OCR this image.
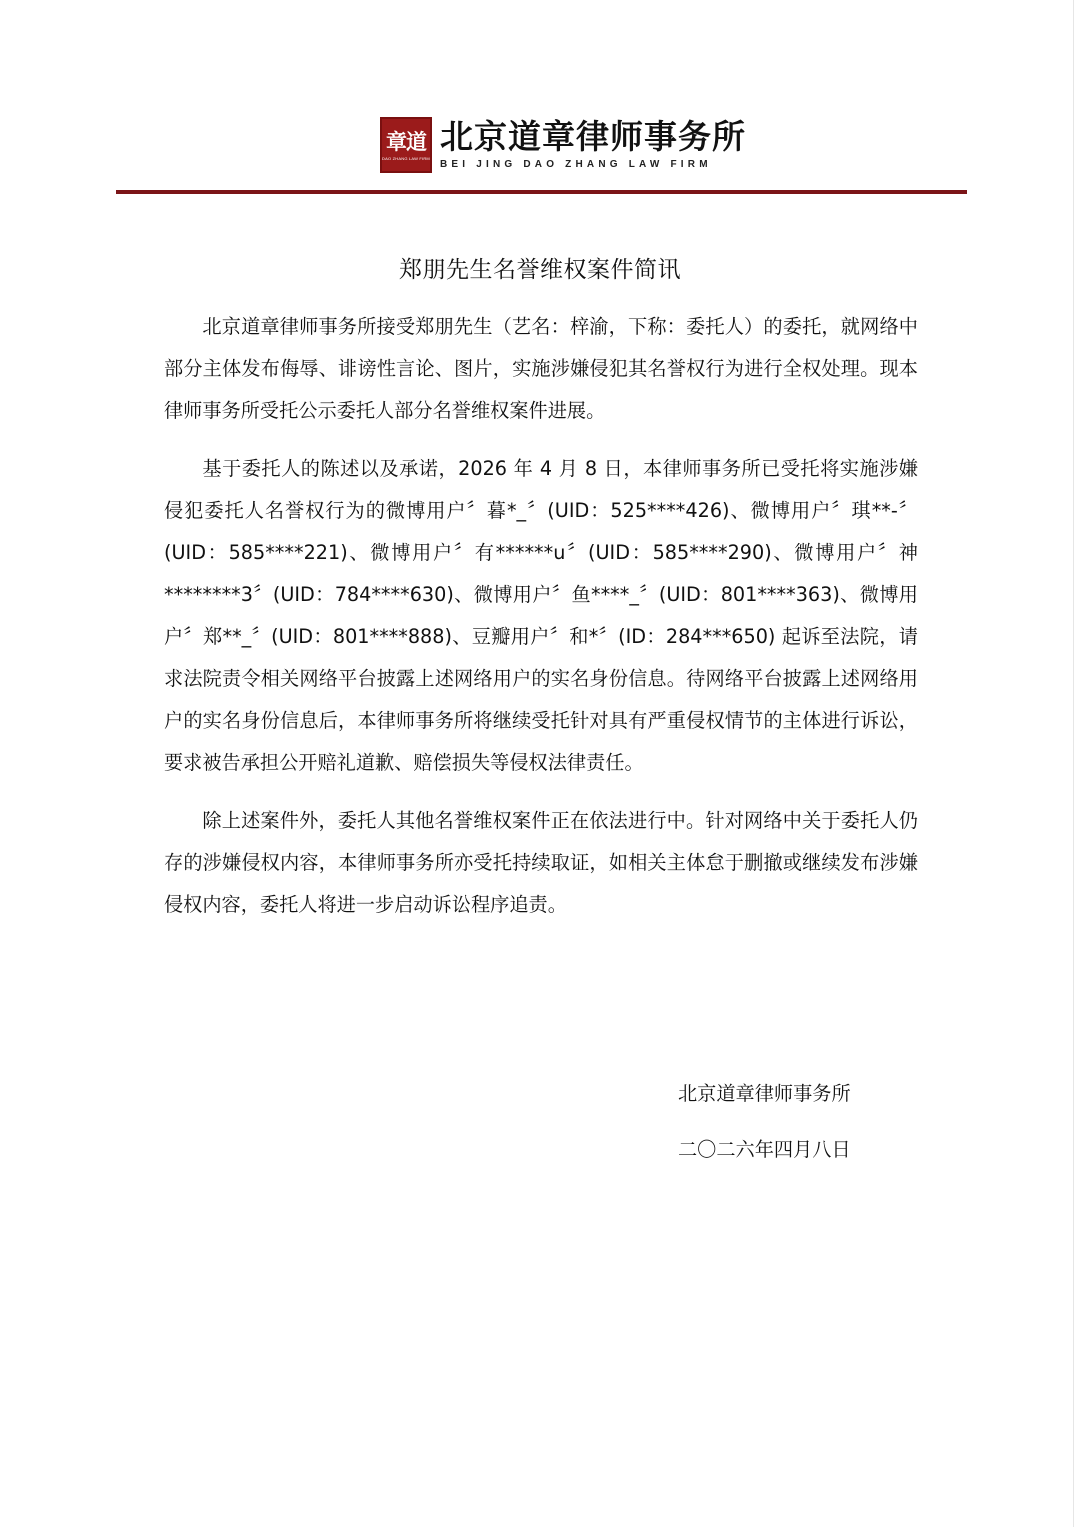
章道
DAO ZHANG LAW FIRM
北京道章律师事务所
BEI JING DAO ZHANG LAW FIRM
郑朋先生名誉维权案件简讯

北京道章律师事务所接受郑朋先生（艺名：梓渝，下称：委托人）的委托，就网络中部分主体发布侮辱、诽谤性言论、图片，实施涉嫌侵犯其名誉权行为进行全权处理。现本律师事务所受托公示委托人部分名誉维权案件进展。

基于委托人的陈述以及承诺，2026 年 4 月 8 日，本律师事务所已受托将实施涉嫌侵犯委托人名誉权行为的微博用户〞暮*_〞(UID：525****426)、微博用户〞琪**-〞(UID：585****221)、微博用户〞有******u〞(UID：585****290)、微博用户〞神********3〞(UID：784****630)、微博用户〞鱼****_〞(UID：801****363)、微博用户〞郑**_〞(UID：801****888)、豆瓣用户〞和*〞(ID：284***650) 起诉至法院，请求法院责令相关网络平台披露上述网络用户的实名身份信息。待网络平台披露上述网络用户的实名身份信息后，本律师事务所将继续受托针对具有严重侵权情节的主体进行诉讼，要求被告承担公开赔礼道歉、赔偿损失等侵权法律责任。

除上述案件外，委托人其他名誉维权案件正在依法进行中。针对网络中关于委托人仍存的涉嫌侵权内容，本律师事务所亦受托持续取证，如相关主体怠于删撤或继续发布涉嫌侵权内容，委托人将进一步启动诉讼程序追责。

北京道章律师事务所
二〇二六年四月八日
